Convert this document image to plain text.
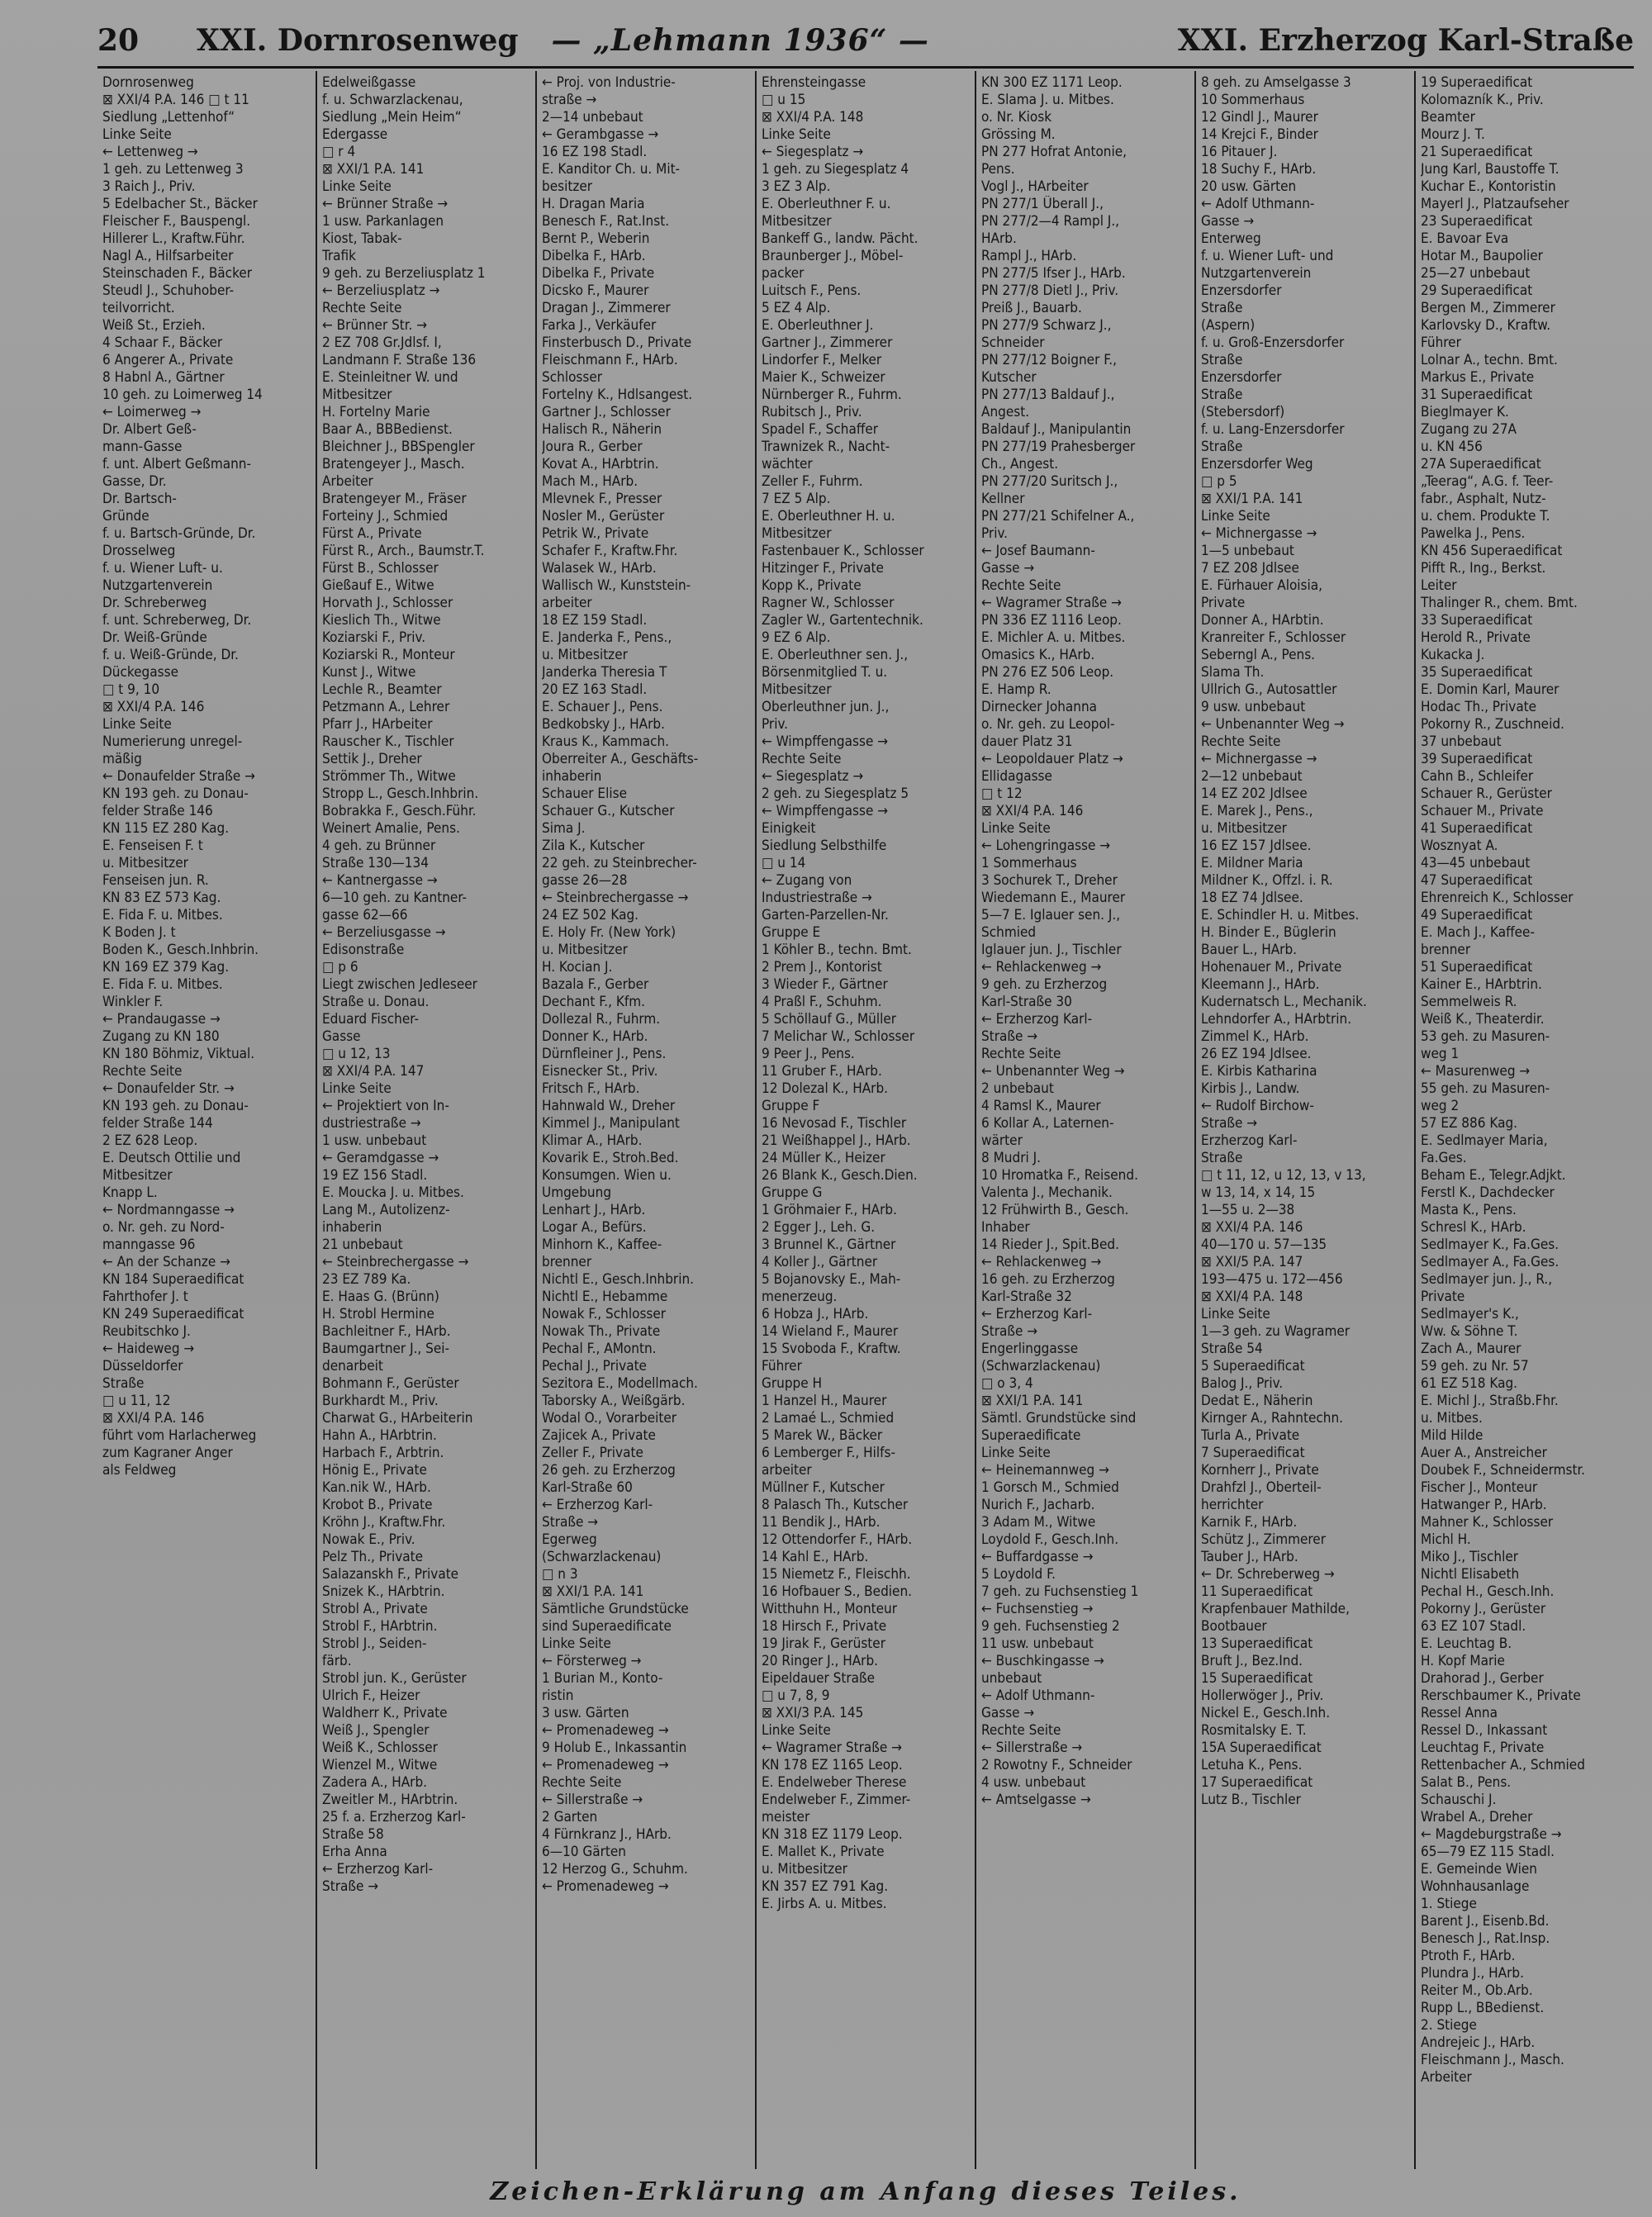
20	XXI. Dornrosenweg — „Lehmann 1936“ —	XXI. Erzherzog Karl-Straße
Dornrosenweg
⊠ XXI/4 P.A. 146 □ t 11
Siedlung „Lettenhof“
Linke Seite
← Lettenweg →
1 geh. zu Lettenweg 3
3 Raich J., Priv.
5 Edelbacher St., Bäcker
Fleischer F., Bauspengl.
Hillerer L., Kraftw.Führ.
Nagl A., Hilfsarbeiter
Steinschaden F., Bäcker
Steudl J., Schuhober-
teilvorricht.
Weiß St., Erzieh.
4 Schaar F., Bäcker
6 Angerer A., Private
8 Habnl A., Gärtner
10 geh. zu Loimerweg 14
← Loimerweg →
Dr. Albert Geß-
mann-Gasse
f. unt. Albert Geßmann-
Gasse, Dr.
Dr. Bartsch-
Gründe
f. u. Bartsch-Gründe, Dr.
Drosselweg
f. u. Wiener Luft- u.
Nutzgartenverein
Dr. Schreberweg
f. unt. Schreberweg, Dr.
Dr. Weiß-Gründe
f. u. Weiß-Gründe, Dr.
Dückegasse
□ t 9, 10
⊠ XXI/4 P.A. 146
Linke Seite
Numerierung unregel-
mäßig
← Donaufelder Straße →
KN 193 geh. zu Donau-
felder Straße 146
KN 115 EZ 280 Kag.
E. Fenseisen F. t
u. Mitbesitzer
Fenseisen jun. R.
KN 83 EZ 573 Kag.
E. Fida F. u. Mitbes.
K Boden J. t
Boden K., Gesch.Inhbrin.
KN 169 EZ 379 Kag.
E. Fida F. u. Mitbes.
Winkler F.
← Prandaugasse →
Zugang zu KN 180
KN 180 Böhmiz, Viktual.
Rechte Seite
← Donaufelder Str. →
KN 193 geh. zu Donau-
felder Straße 144
2 EZ 628 Leop.
E. Deutsch Ottilie und
Mitbesitzer
Knapp L.
← Nordmanngasse →
o. Nr. geh. zu Nord-
manngasse 96
← An der Schanze →
KN 184 Superaedificat
Fahrthofer J. t
KN 249 Superaedificat
Reubitschko J.
← Haideweg →
Düsseldorfer
Straße
□ u 11, 12
⊠ XXI/4 P.A. 146
führt vom Harlacherweg
zum Kagraner Anger
als Feldweg
Edelweißgasse
f. u. Schwarzlackenau,
Siedlung „Mein Heim“
Edergasse
□ r 4
⊠ XXI/1 P.A. 141
Linke Seite
← Brünner Straße →
1 usw. Parkanlagen
Kiost, Tabak-
Trafik
9 geh. zu Berzeliusplatz 1
← Berzeliusplatz →
Rechte Seite
← Brünner Str. →
2 EZ 708 Gr.Jdlsf. I,
Landmann F. Straße 136
E. Steinleitner W. und
Mitbesitzer
H. Fortelny Marie
Baar A., BBBedienst.
Bleichner J., BBSpengler
Bratengeyer J., Masch.
Arbeiter
Bratengeyer M., Fräser
Forteiny J., Schmied
Fürst A., Private
Fürst R., Arch., Baumstr.T.
Fürst B., Schlosser
Gießauf E., Witwe
Horvath J., Schlosser
Kieslich Th., Witwe
Koziarski F., Priv.
Koziarski R., Monteur
Kunst J., Witwe
Lechle R., Beamter
Petzmann A., Lehrer
Pfarr J., HArbeiter
Rauscher K., Tischler
Settik J., Dreher
Strömmer Th., Witwe
Stropp L., Gesch.Inhbrin.
Bobrakka F., Gesch.Führ.
Weinert Amalie, Pens.
4 geh. zu Brünner
Straße 130—134
← Kantnergasse →
6—10 geh. zu Kantner-
gasse 62—66
← Berzeliusgasse →
Edisonstraße
□ p 6
Liegt zwischen Jedleseer
Straße u. Donau.
Eduard Fischer-
Gasse
□ u 12, 13
⊠ XXI/4 P.A. 147
Linke Seite
← Projektiert von In-
dustriestraße →
1 usw. unbebaut
← Geramdgasse →
19 EZ 156 Stadl.
E. Moucka J. u. Mitbes.
Lang M., Autolizenz-
inhaberin
21 unbebaut
← Steinbrechergasse →
23 EZ 789 Ka.
E. Haas G. (Brünn)
H. Strobl Hermine
Bachleitner F., HArb.
Baumgartner J., Sei-
denarbeit
Bohmann F., Gerüster
Burkhardt M., Priv.
Charwat G., HArbeiterin
Hahn A., HArbtrin.
Harbach F., Arbtrin.
Hönig E., Private
Kan.nik W., HArb.
Krobot B., Private
Kröhn J., Kraftw.Fhr.
Nowak E., Priv.
Pelz Th., Private
Salazanskh F., Private
Snizek K., HArbtrin.
Strobl A., Private
Strobl F., HArbtrin.
Strobl J., Seiden-
färb.
Strobl jun. K., Gerüster
Ulrich F., Heizer
Waldherr K., Private
Weiß J., Spengler
Weiß K., Schlosser
Wienzel M., Witwe
Zadera A., HArb.
Zweitler M., HArbtrin.
25 f. a. Erzherzog Karl-
Straße 58
Erha Anna
← Erzherzog Karl-
Straße →
← Proj. von Industrie-
straße →
2—14 unbebaut
← Gerambgasse →
16 EZ 198 Stadl.
E. Kanditor Ch. u. Mit-
besitzer
H. Dragan Maria
Benesch F., Rat.Inst.
Bernt P., Weberin
Dibelka F., HArb.
Dibelka F., Private
Dicsko F., Maurer
Dragan J., Zimmerer
Farka J., Verkäufer
Finsterbusch D., Private
Fleischmann F., HArb.
Schlosser
Fortelny K., Hdlsangest.
Gartner J., Schlosser
Halisch R., Näherin
Joura R., Gerber
Kovat A., HArbtrin.
Mach M., HArb.
Mlevnek F., Presser
Nosler M., Gerüster
Petrik W., Private
Schafer F., Kraftw.Fhr.
Walasek W., HArb.
Wallisch W., Kunststein-
arbeiter
18 EZ 159 Stadl.
E. Janderka F., Pens.,
u. Mitbesitzer
Janderka Theresia T
20 EZ 163 Stadl.
E. Schauer J., Pens.
Bedkobsky J., HArb.
Kraus K., Kammach.
Oberreiter A., Geschäfts-
inhaberin
Schauer Elise
Schauer G., Kutscher
Sima J.
Zila K., Kutscher
22 geh. zu Steinbrecher-
gasse 26—28
← Steinbrechergasse →
24 EZ 502 Kag.
E. Holy Fr. (New York)
u. Mitbesitzer
H. Kocian J.
Bazala F., Gerber
Dechant F., Kfm.
Dollezal R., Fuhrm.
Donner K., HArb.
Dürnfleiner J., Pens.
Eisnecker St., Priv.
Fritsch F., HArb.
Hahnwald W., Dreher
Kimmel J., Manipulant
Klimar A., HArb.
Kovarik E., Stroh.Bed.
Konsumgen. Wien u.
Umgebung
Lenhart J., HArb.
Logar A., Befürs.
Minhorn K., Kaffee-
brenner
Nichtl E., Gesch.Inhbrin.
Nichtl E., Hebamme
Nowak F., Schlosser
Nowak Th., Private
Pechal F., AMontn.
Pechal J., Private
Sezitora E., Modellmach.
Taborsky A., Weißgärb.
Wodal O., Vorarbeiter
Zajicek A., Private
Zeller F., Private
26 geh. zu Erzherzog
Karl-Straße 60
← Erzherzog Karl-
Straße →
Egerweg
(Schwarzlackenau)
□ n 3
⊠ XXI/1 P.A. 141
Sämtliche Grundstücke
sind Superaedificate
Linke Seite
← Försterweg →
1 Burian M., Konto-
ristin
3 usw. Gärten
← Promenadeweg →
9 Holub E., Inkassantin
← Promenadeweg →
Rechte Seite
← Sillerstraße →
2 Garten
4 Fürnkranz J., HArb.
6—10 Gärten
12 Herzog G., Schuhm.
← Promenadeweg →
Ehrensteingasse
□ u 15
⊠ XXI/4 P.A. 148
Linke Seite
← Siegesplatz →
1 geh. zu Siegesplatz 4
3 EZ 3 Alp.
E. Oberleuthner F. u.
Mitbesitzer
Bankeff G., landw. Pächt.
Braunberger J., Möbel-
packer
Luitsch F., Pens.
5 EZ 4 Alp.
E. Oberleuthner J.
Gartner J., Zimmerer
Lindorfer F., Melker
Maier K., Schweizer
Nürnberger R., Fuhrm.
Rubitsch J., Priv.
Spadel F., Schaffer
Trawnizek R., Nacht-
wächter
Zeller F., Fuhrm.
7 EZ 5 Alp.
E. Oberleuthner H. u.
Mitbesitzer
Fastenbauer K., Schlosser
Hitzinger F., Private
Kopp K., Private
Ragner W., Schlosser
Zagler W., Gartentechnik.
9 EZ 6 Alp.
E. Oberleuthner sen. J.,
Börsenmitglied T. u.
Mitbesitzer
Oberleuthner jun. J.,
Priv.
← Wimpffengasse →
Rechte Seite
← Siegesplatz →
2 geh. zu Siegesplatz 5
← Wimpffengasse →
Einigkeit
Siedlung Selbsthilfe
□ u 14
← Zugang von
Industriestraße →
Garten-Parzellen-Nr.
Gruppe E
1 Köhler B., techn. Bmt.
2 Prem J., Kontorist
3 Wieder F., Gärtner
4 Praßl F., Schuhm.
5 Schöllauf G., Müller
7 Melichar W., Schlosser
9 Peer J., Pens.
11 Gruber F., HArb.
12 Dolezal K., HArb.
Gruppe F
16 Nevosad F., Tischler
21 Weißhappel J., HArb.
24 Müller K., Heizer
26 Blank K., Gesch.Dien.
Gruppe G
1 Gröhmaier F., HArb.
2 Egger J., Leh. G.
3 Brunnel K., Gärtner
4 Koller J., Gärtner
5 Bojanovsky E., Mah-
menerzeug.
6 Hobza J., HArb.
14 Wieland F., Maurer
15 Svoboda F., Kraftw.
Führer
Gruppe H
1 Hanzel H., Maurer
2 Lamaé L., Schmied
5 Marek W., Bäcker
6 Lemberger F., Hilfs-
arbeiter
Müllner F., Kutscher
8 Palasch Th., Kutscher
11 Bendik J., HArb.
12 Ottendorfer F., HArb.
14 Kahl E., HArb.
15 Niemetz F., Fleischh.
16 Hofbauer S., Bedien.
Witthuhn H., Monteur
18 Hirsch F., Private
19 Jirak F., Gerüster
20 Ringer J., HArb.
Eipeldauer Straße
□ u 7, 8, 9
⊠ XXI/3 P.A. 145
Linke Seite
← Wagramer Straße →
KN 178 EZ 1165 Leop.
E. Endelweber Therese
Endelweber F., Zimmer-
meister
KN 318 EZ 1179 Leop.
E. Mallet K., Private
u. Mitbesitzer
KN 357 EZ 791 Kag.
E. Jirbs A. u. Mitbes.
KN 300 EZ 1171 Leop.
E. Slama J. u. Mitbes.
o. Nr. Kiosk
Grössing M.
PN 277 Hofrat Antonie,
Pens.
Vogl J., HArbeiter
PN 277/1 Überall J.,
PN 277/2—4 Rampl J.,
HArb.
Rampl J., HArb.
PN 277/5 Ifser J., HArb.
PN 277/8 Dietl J., Priv.
Preiß J., Bauarb.
PN 277/9 Schwarz J.,
Schneider
PN 277/12 Boigner F.,
Kutscher
PN 277/13 Baldauf J.,
Angest.
Baldauf J., Manipulantin
PN 277/19 Prahesberger
Ch., Angest.
PN 277/20 Suritsch J.,
Kellner
PN 277/21 Schifelner A.,
Priv.
← Josef Baumann-
Gasse →
Rechte Seite
← Wagramer Straße →
PN 336 EZ 1116 Leop.
E. Michler A. u. Mitbes.
Omasics K., HArb.
PN 276 EZ 506 Leop.
E. Hamp R.
Dirnecker Johanna
o. Nr. geh. zu Leopol-
dauer Platz 31
← Leopoldauer Platz →
Ellidagasse
□ t 12
⊠ XXI/4 P.A. 146
Linke Seite
← Lohengringasse →
1 Sommerhaus
3 Sochurek T., Dreher
Wiedemann E., Maurer
5—7 E. Iglauer sen. J.,
Schmied
Iglauer jun. J., Tischler
← Rehlackenweg →
9 geh. zu Erzherzog
Karl-Straße 30
← Erzherzog Karl-
Straße →
Rechte Seite
← Unbenannter Weg →
2 unbebaut
4 Ramsl K., Maurer
6 Kollar A., Laternen-
wärter
8 Mudri J.
10 Hromatka F., Reisend.
Valenta J., Mechanik.
12 Frühwirth B., Gesch.
Inhaber
14 Rieder J., Spit.Bed.
← Rehlackenweg →
16 geh. zu Erzherzog
Karl-Straße 32
← Erzherzog Karl-
Straße →
Engerlinggasse
(Schwarzlackenau)
□ o 3, 4
⊠ XXI/1 P.A. 141
Sämtl. Grundstücke sind
Superaedificate
Linke Seite
← Heinemannweg →
1 Gorsch M., Schmied
Nurich F., Jacharb.
3 Adam M., Witwe
Loydold F., Gesch.Inh.
← Buffardgasse →
5 Loydold F.
7 geh. zu Fuchsenstieg 1
← Fuchsenstieg →
9 geh. Fuchsenstieg 2
11 usw. unbebaut
← Buschkingasse →
unbebaut
← Adolf Uthmann-
Gasse →
Rechte Seite
← Sillerstraße →
2 Rowotny F., Schneider
4 usw. unbebaut
← Amtselgasse →
8 geh. zu Amselgasse 3
10 Sommerhaus
12 Gindl J., Maurer
14 Krejci F., Binder
16 Pitauer J.
18 Suchy F., HArb.
20 usw. Gärten
← Adolf Uthmann-
Gasse →
Enterweg
f. u. Wiener Luft- und
Nutzgartenverein
Enzersdorfer
Straße
(Aspern)
f. u. Groß-Enzersdorfer
Straße
Enzersdorfer
Straße
(Stebersdorf)
f. u. Lang-Enzersdorfer
Straße
Enzersdorfer Weg
□ p 5
⊠ XXI/1 P.A. 141
Linke Seite
← Michnergasse →
1—5 unbebaut
7 EZ 208 Jdlsee
E. Fürhauer Aloisia,
Private
Donner A., HArbtin.
Kranreiter F., Schlosser
Seberngl A., Pens.
Slama Th.
Ullrich G., Autosattler
9 usw. unbebaut
← Unbenannter Weg →
Rechte Seite
← Michnergasse →
2—12 unbebaut
14 EZ 202 Jdlsee
E. Marek J., Pens.,
u. Mitbesitzer
16 EZ 157 Jdlsee.
E. Mildner Maria
Mildner K., Offzl. i. R.
18 EZ 74 Jdlsee.
E. Schindler H. u. Mitbes.
H. Binder E., Büglerin
Bauer L., HArb.
Hohenauer M., Private
Kleemann J., HArb.
Kudernatsch L., Mechanik.
Lehndorfer A., HArbtrin.
Zimmel K., HArb.
26 EZ 194 Jdlsee.
E. Kirbis Katharina
Kirbis J., Landw.
← Rudolf Birchow-
Straße →
Erzherzog Karl-
Straße
□ t 11, 12, u 12, 13, v 13,
w 13, 14, x 14, 15
1—55 u. 2—38
⊠ XXI/4 P.A. 146
40—170 u. 57—135
⊠ XXI/5 P.A. 147
193—475 u. 172—456
⊠ XXI/4 P.A. 148
Linke Seite
1—3 geh. zu Wagramer
Straße 54
5 Superaedificat
Balog J., Priv.
Dedat E., Näherin
Kirnger A., Rahntechn.
Turla A., Private
7 Superaedificat
Kornherr J., Private
Drahfzl J., Oberteil-
herrichter
Karnik F., HArb.
Schütz J., Zimmerer
Tauber J., HArb.
← Dr. Schreberweg →
11 Superaedificat
Krapfenbauer Mathilde,
Bootbauer
13 Superaedificat
Bruft J., Bez.Ind.
15 Superaedificat
Hollerwöger J., Priv.
Nickel E., Gesch.Inh.
Rosmitalsky E. T.
15A Superaedificat
Letuha K., Pens.
17 Superaedificat
Lutz B., Tischler
19 Superaedificat
Kolomazník K., Priv.
Beamter
Mourz J. T.
21 Superaedificat
Jung Karl, Baustoffe T.
Kuchar E., Kontoristin
Mayerl J., Platzaufseher
23 Superaedificat
E. Bavoar Eva
Hotar M., Baupolier
25—27 unbebaut
29 Superaedificat
Bergen M., Zimmerer
Karlovsky D., Kraftw.
Führer
Lolnar A., techn. Bmt.
Markus E., Private
31 Superaedificat
Bieglmayer K.
Zugang zu 27A
u. KN 456
27A Superaedificat
„Teerag“, A.G. f. Teer-
fabr., Asphalt, Nutz-
u. chem. Produkte T.
Pawelka J., Pens.
KN 456 Superaedificat
Pifft R., Ing., Berkst.
Leiter
Thalinger R., chem. Bmt.
33 Superaedificat
Herold R., Private
Kukacka J.
35 Superaedificat
E. Domin Karl, Maurer
Hodac Th., Private
Pokorny R., Zuschneid.
37 unbebaut
39 Superaedificat
Cahn B., Schleifer
Schauer R., Gerüster
Schauer M., Private
41 Superaedificat
Wosznyat A.
43—45 unbebaut
47 Superaedificat
Ehrenreich K., Schlosser
49 Superaedificat
E. Mach J., Kaffee-
brenner
51 Superaedificat
Kainer E., HArbtrin.
Semmelweis R.
Weiß K., Theaterdir.
53 geh. zu Masuren-
weg 1
← Masurenweg →
55 geh. zu Masuren-
weg 2
57 EZ 886 Kag.
E. Sedlmayer Maria,
Fa.Ges.
Beham E., Telegr.Adjkt.
Ferstl K., Dachdecker
Masta K., Pens.
Schresl K., HArb.
Sedlmayer K., Fa.Ges.
Sedlmayer A., Fa.Ges.
Sedlmayer jun. J., R.,
Private
Sedlmayer's K.,
Ww. & Söhne T.
Zach A., Maurer
59 geh. zu Nr. 57
61 EZ 518 Kag.
E. Michl J., Straßb.Fhr.
u. Mitbes.
Mild Hilde
Auer A., Anstreicher
Doubek F., Schneidermstr.
Fischer J., Monteur
Hatwanger P., HArb.
Mahner K., Schlosser
Michl H.
Miko J., Tischler
Nichtl Elisabeth
Pechal H., Gesch.Inh.
Pokorny J., Gerüster
63 EZ 107 Stadl.
E. Leuchtag B.
H. Kopf Marie
Drahorad J., Gerber
Rerschbaumer K., Private
Ressel Anna
Ressel D., Inkassant
Leuchtag F., Private
Rettenbacher A., Schmied
Salat B., Pens.
Schauschi J.
Wrabel A., Dreher
← Magdeburgstraße →
65—79 EZ 115 Stadl.
E. Gemeinde Wien
Wohnhausanlage
1. Stiege
Barent J., Eisenb.Bd.
Benesch J., Rat.Insp.
Ptroth F., HArb.
Plundra J., HArb.
Reiter M., Ob.Arb.
Rupp L., BBedienst.
2. Stiege
Andrejeic J., HArb.
Fleischmann J., Masch.
Arbeiter
Zeichen-Erklärung am Anfang dieses Teiles.
